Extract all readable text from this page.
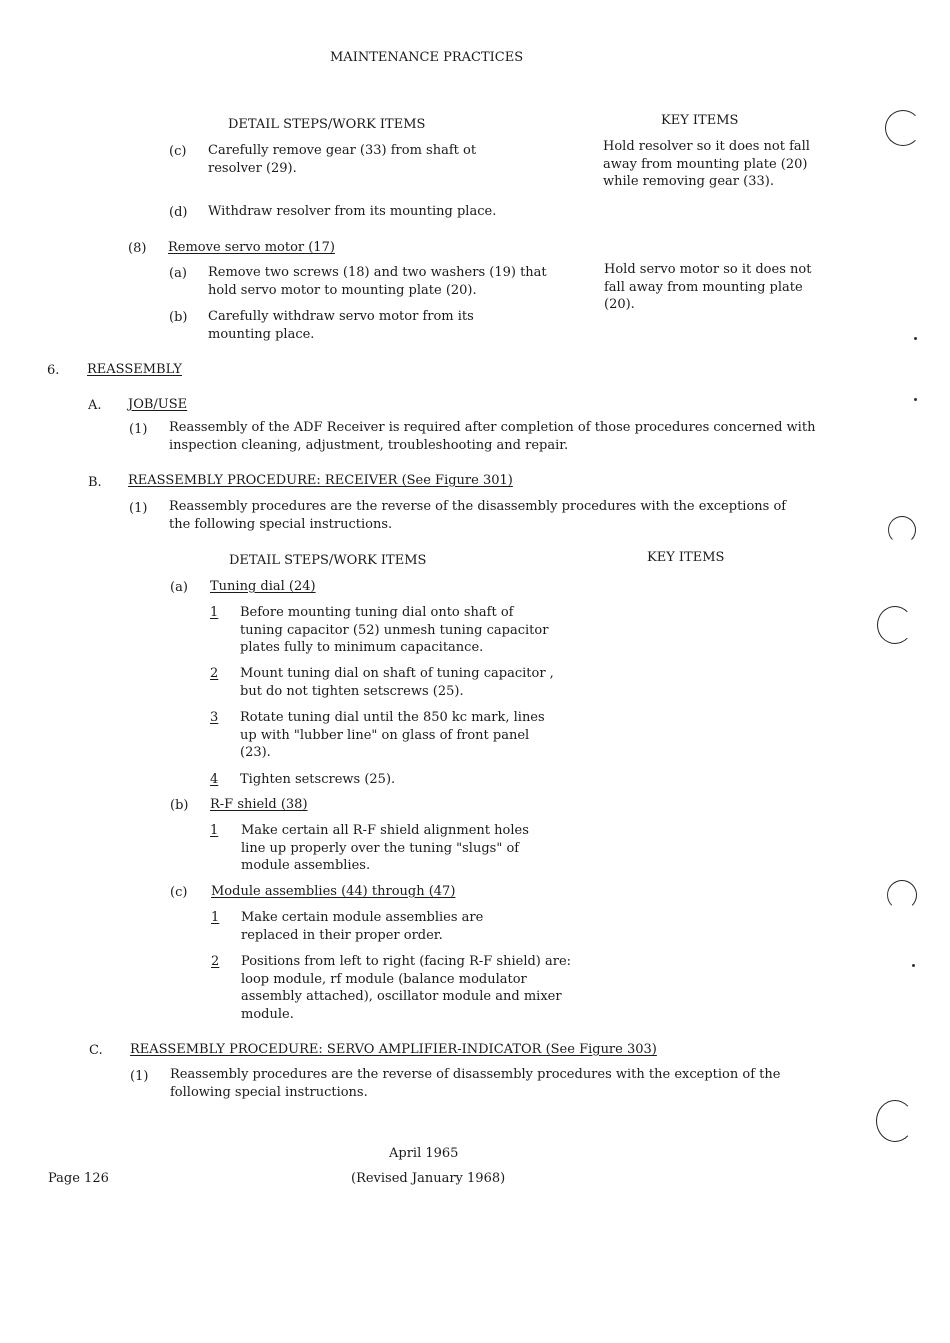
MAINTENANCE PRACTICES
DETAIL STEPS/WORK ITEMS	KEY ITEMS
(c) Carefully remove gear (33) from shaft ot resolver (29).
Hold resolver so it does not fall away from mounting plate (20) while removing gear (33).
(d) Withdraw resolver from its mounting place.
(8) Remove servo motor (17)
(a) Remove two screws (18) and two washers (19) that hold servo motor to mounting plate (20).
Hold servo motor so it does not fall away from mounting plate (20).
(b) Carefully withdraw servo motor from its mounting place.
6. REASSEMBLY
A. JOB/USE
(1) Reassembly of the ADF Receiver is required after completion of those procedures concerned with inspection cleaning, adjustment, troubleshooting and repair.
B. REASSEMBLY PROCEDURE: RECEIVER (See Figure 301)
(1) Reassembly procedures are the reverse of the disassembly procedures with the exceptions of the following special instructions.
DETAIL STEPS/WORK ITEMS	KEY ITEMS
(a) Tuning dial (24)
1 Before mounting tuning dial onto shaft of tuning capacitor (52) unmesh tuning capacitor plates fully to minimum capacitance.
2 Mount tuning dial on shaft of tuning capacitor , but do not tighten setscrews (25).
3 Rotate tuning dial until the 850 kc mark, lines up with "lubber line" on glass of front panel (23).
4 Tighten setscrews (25).
(b) R-F shield (38)
1 Make certain all R-F shield alignment holes line up properly over the tuning "slugs" of module assemblies.
(c) Module assemblies (44) through (47)
1 Make certain module assemblies are replaced in their proper order.
2 Positions from left to right (facing R-F shield) are: loop module, rf module (balance modulator assembly attached), oscillator module and mixer module.
C. REASSEMBLY PROCEDURE: SERVO AMPLIFIER-INDICATOR (See Figure 303)
(1) Reassembly procedures are the reverse of disassembly procedures with the exception of the following special instructions.
April 1965
Page 126	(Revised January 1968)
